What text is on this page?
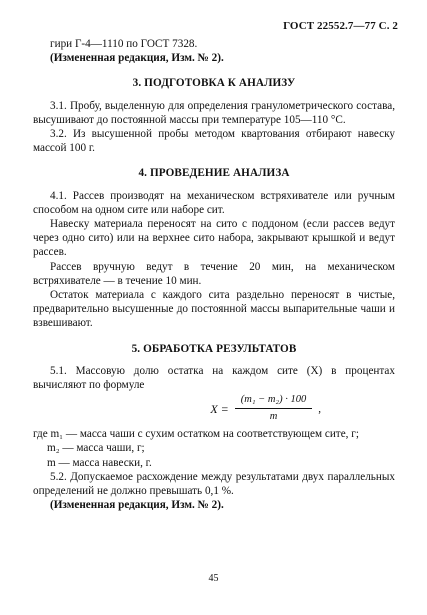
ГОСТ 22552.7—77 С. 2

гири Г-4—1110 по ГОСТ 7328.

(Измененная редакция, Изм. № 2).

3. ПОДГОТОВКА К АНАЛИЗУ

3.1. Пробу, выделенную для определения гранулометрического состава, высушивают до постоянной массы при температуре 105—110 °С.

3.2. Из высушенной пробы методом квартования отбирают навеску массой 100 г.

4. ПРОВЕДЕНИЕ АНАЛИЗА

4.1. Рассев производят на механическом встряхивателе или ручным способом на одном сите или наборе сит.

Навеску материала переносят на сито с поддоном (если рассев ведут через одно сито) или на верхнее сито набора, закрывают крышкой и ведут рассев.

Рассев вручную ведут в течение 20 мин, на механическом встряхивателе — в течение 10 мин.

Остаток материала с каждого сита раздельно переносят в чистые, предварительно высушенные до постоянной массы выпарительные чаши и взвешивают.

5. ОБРАБОТКА РЕЗУЛЬТАТОВ

5.1. Массовую долю остатка на каждом сите (X) в процентах вычисляют по формуле

$X = \frac{\text{(m₁ − m₂) · 100}}{m}$ ,

где m₁ — масса чаши с сухим остатком на соответствующем сите, г;

m₂ — масса чаши, г;

m — масса навески, г.

5.2. Допускаемое расхождение между результатами двух параллельных определений не должно превышать 0,1 %.

(Измененная редакция, Изм. № 2).

45
